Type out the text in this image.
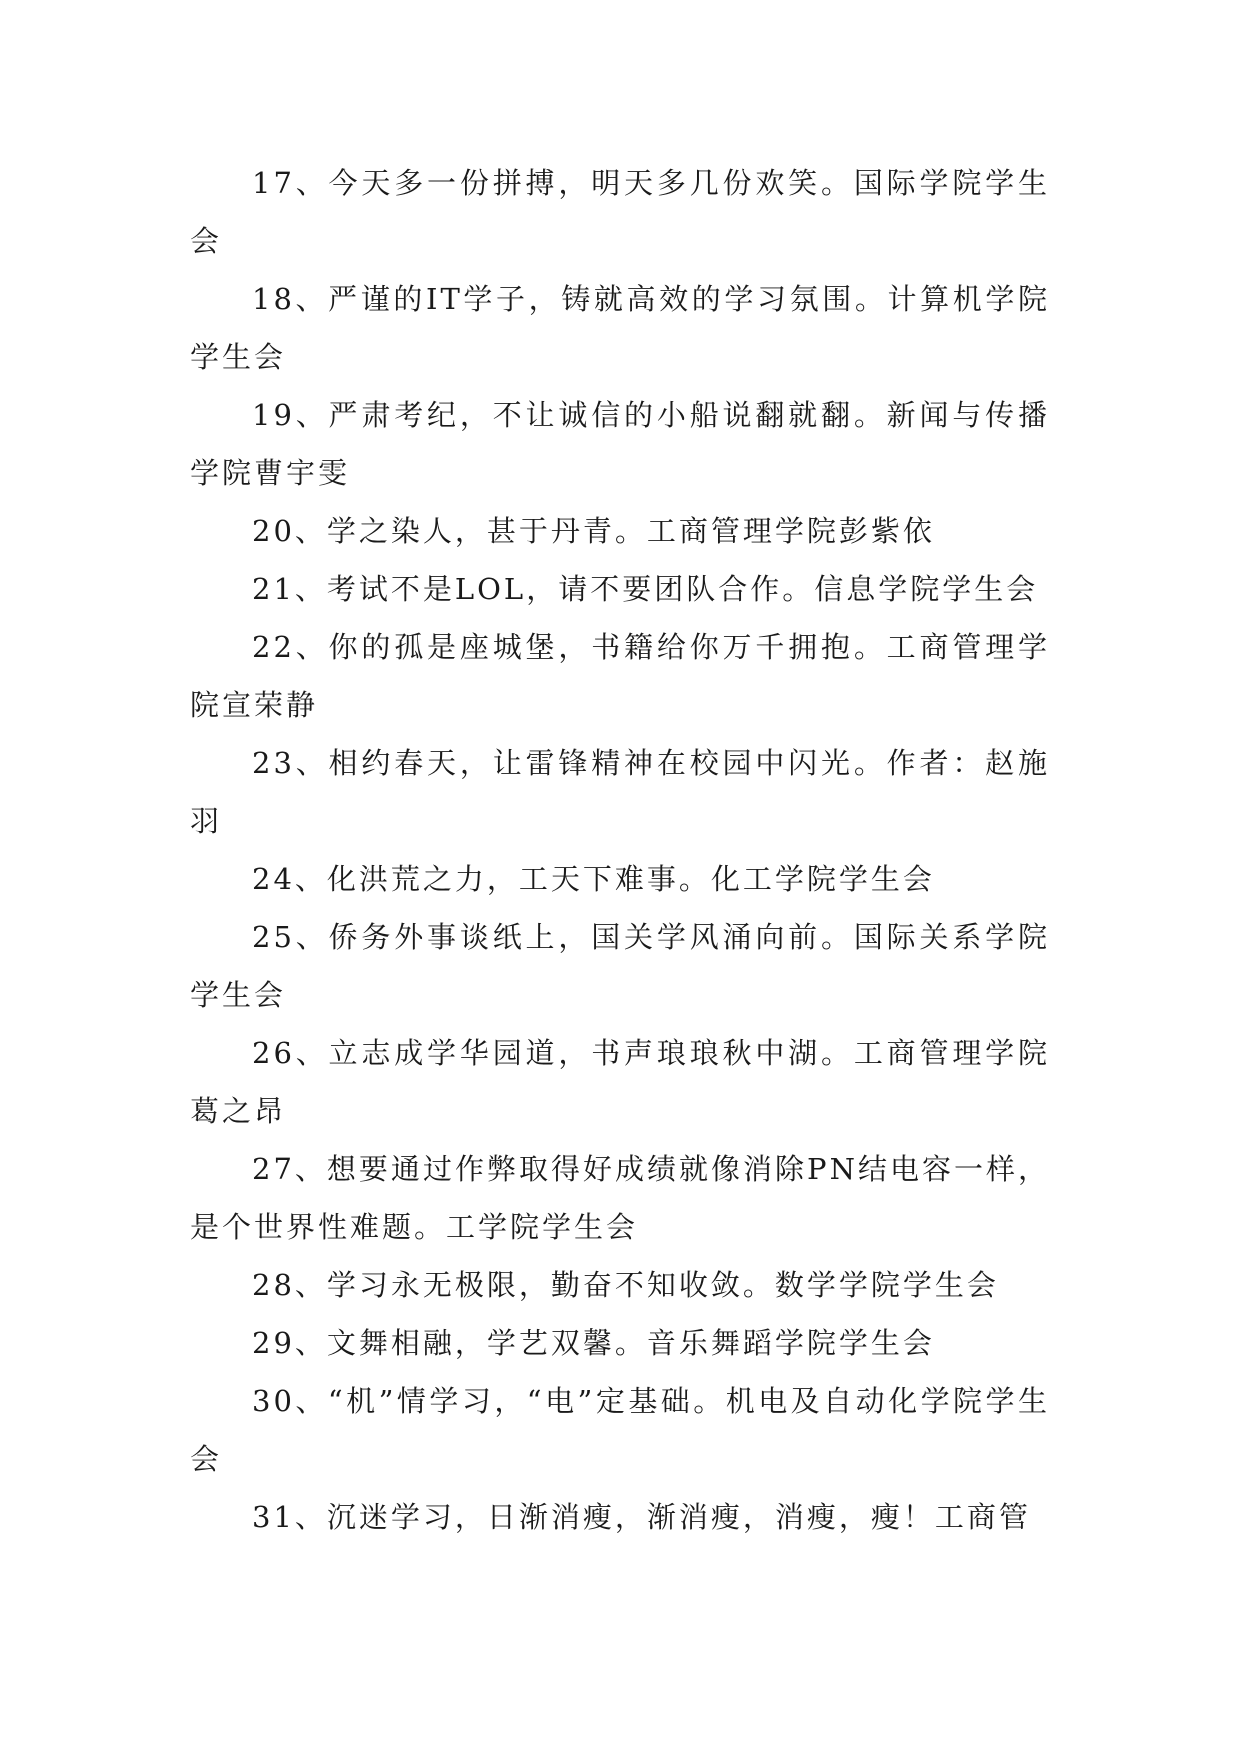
17、今天多一份拼搏，明天多几份欢笑。国际学院学生会

18、严谨的IT学子，铸就高效的学习氛围。计算机学院学生会

19、严肃考纪，不让诚信的小船说翻就翻。新闻与传播学院曹宇雯

20、学之染人，甚于丹青。工商管理学院彭紫依

21、考试不是LOL，请不要团队合作。信息学院学生会

22、你的孤是座城堡，书籍给你万千拥抱。工商管理学院宣荣静

23、相约春天，让雷锋精神在校园中闪光。作者：赵施羽

24、化洪荒之力，工天下难事。化工学院学生会

25、侨务外事谈纸上，国关学风涌向前。国际关系学院学生会

26、立志成学华园道，书声琅琅秋中湖。工商管理学院葛之昂

27、想要通过作弊取得好成绩就像消除PN结电容一样，是个世界性难题。工学院学生会

28、学习永无极限，勤奋不知收敛。数学学院学生会

29、文舞相融，学艺双馨。音乐舞蹈学院学生会

30、“机”情学习，“电”定基础。机电及自动化学院学生会

31、沉迷学习，日渐消瘦，渐消瘦，消瘦，瘦！工商管
